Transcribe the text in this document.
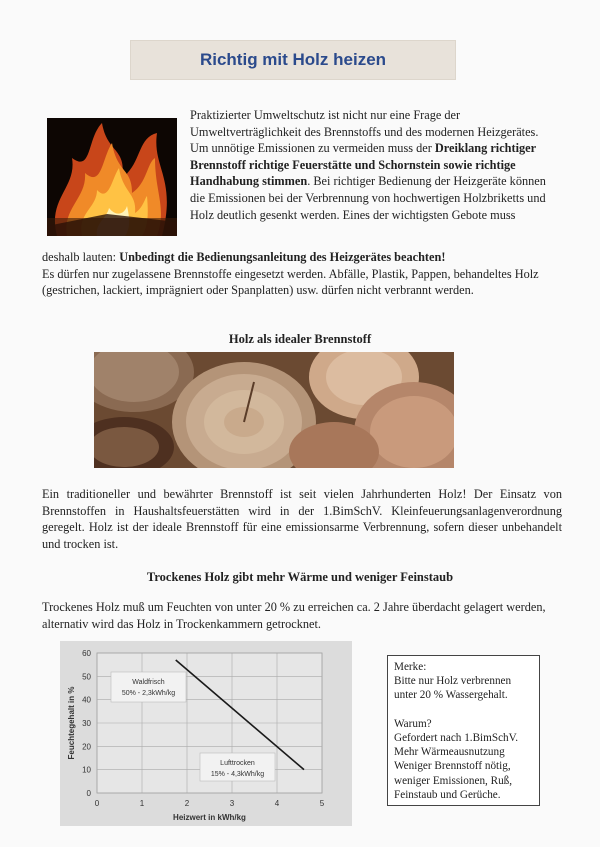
Richtig mit Holz heizen
Praktizierter Umweltschutz ist nicht nur eine Frage der Umweltverträglichkeit des Brennstoffs und des modernen Heizgerätes. Um unnötige Emissionen zu vermeiden muss der Dreiklang richtiger Brennstoff richtige Feuerstätte und Schornstein sowie richtige Handhabung stimmen. Bei richtiger Bedienung der Heizgeräte können die Emissionen bei der Verbrennung von hochwertigen Holzbriketts und Holz deutlich gesenkt werden. Eines der wichtigsten Gebote muss
deshalb lauten: Unbedingt die Bedienungsanleitung des Heizgerätes beachten!
Es dürfen nur zugelassene Brennstoffe eingesetzt werden. Abfälle, Plastik, Pappen, behandeltes Holz (gestrichen, lackiert, imprägniert oder Spanplatten) usw. dürfen nicht verbrannt werden.
Holz als idealer Brennstoff
Ein traditioneller und bewährter Brennstoff ist seit vielen Jahrhunderten Holz! Der Einsatz von Brennstoffen in Haushaltsfeuerstätten wird in der 1.BimSchV. Kleinfeuerungsanlagenverordnung geregelt. Holz ist der ideale Brennstoff für eine emissionsarme Verbrennung, sofern dieser unbehandelt und trocken ist.
Trockenes Holz gibt mehr Wärme und weniger Feinstaub
Trockenes Holz muß um Feuchten von unter 20 % zu erreichen ca. 2 Jahre überdacht gelagert werden, alternativ wird das Holz in Trockenkammern getrocknet.
0
10
20
30
40
50
60
0	1	2	3	4	5
Heizwert in kWh/kg
Feuchtegehalt in %
Waldfrisch
50% - 2,3kWh/kg
Lufttrocken
15% - 4,3kWh/kg
Merke:
Bitte nur Holz verbrennen
unter 20 % Wassergehalt.
Warum?
Gefordert nach 1.BimSchV.
Mehr Wärmeausnutzung
Weniger Brennstoff nötig,
weniger Emissionen, Ruß,
Feinstaub und Gerüche.
